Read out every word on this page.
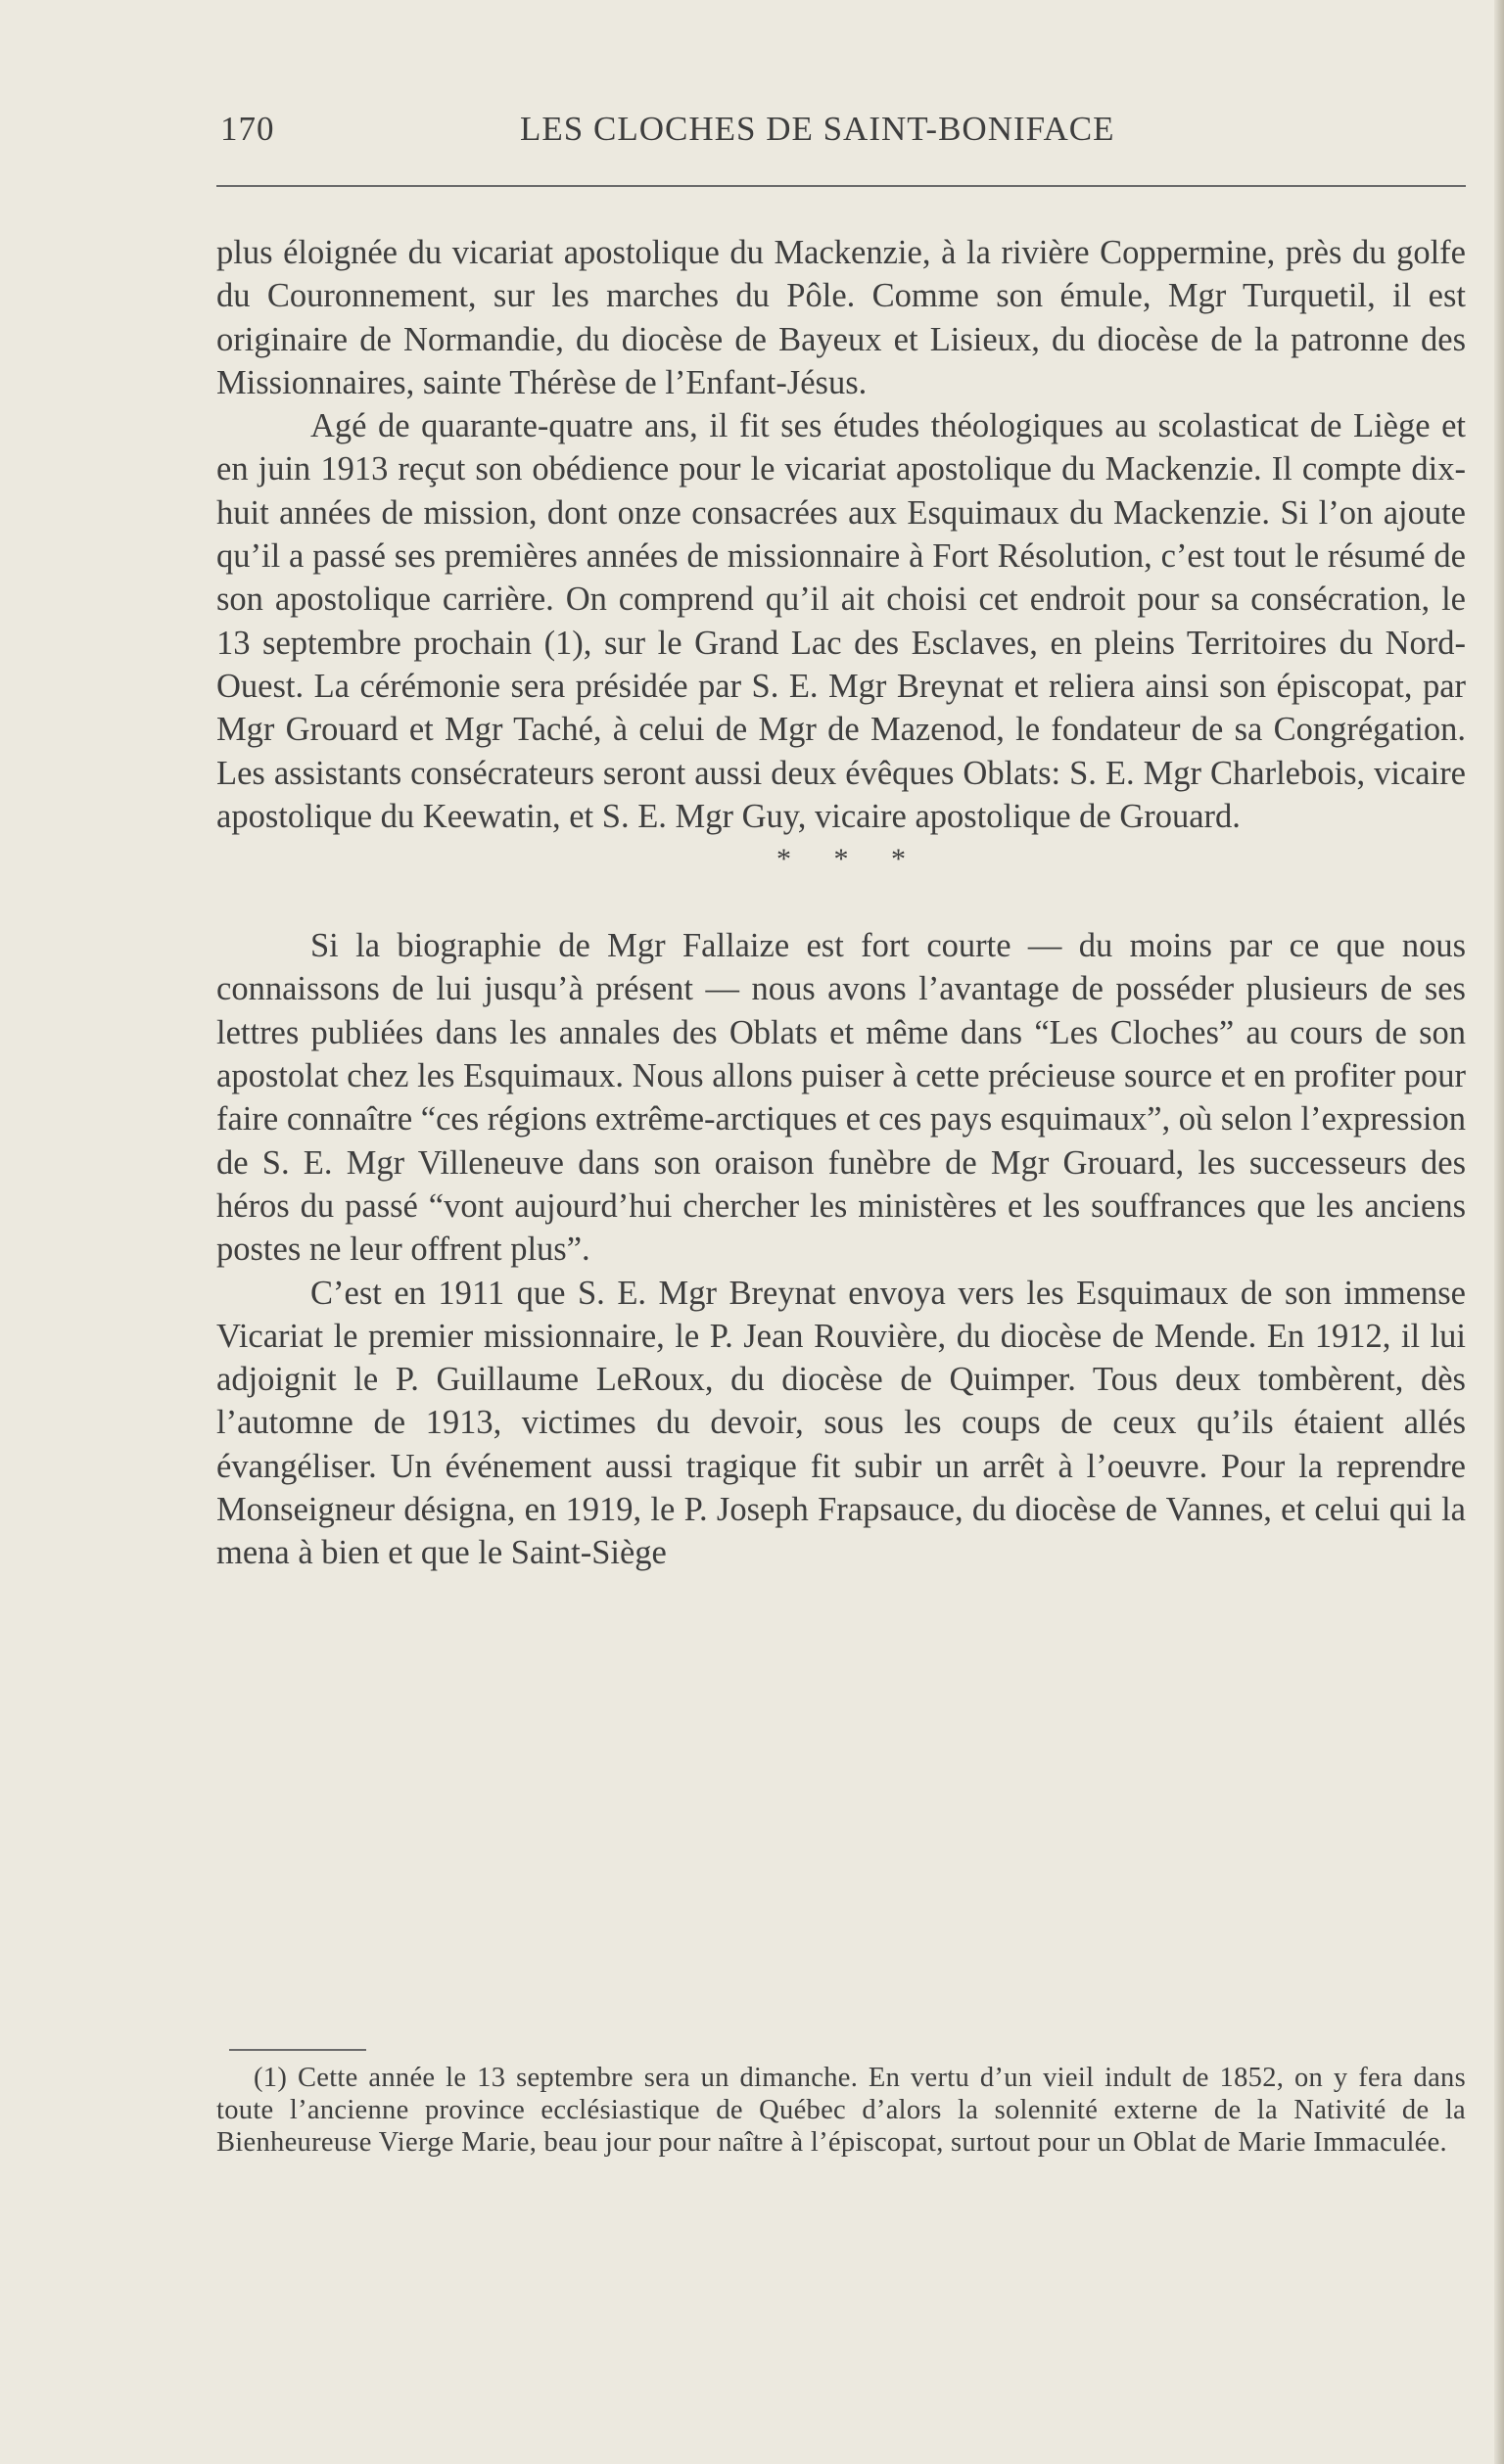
170	LES CLOCHES DE SAINT-BONIFACE

plus éloignée du vicariat apostolique du Mackenzie, à la rivière Coppermine, près du golfe du Couronnement, sur les marches du Pôle. Comme son émule, Mgr Turquetil, il est originaire de Normandie, du diocèse de Bayeux et Lisieux, du diocèse de la patronne des Missionnaires, sainte Thérèse de l’Enfant-Jésus.

Agé de quarante-quatre ans, il fit ses études théologiques au scolasticat de Liège et en juin 1913 reçut son obédience pour le vicariat apostolique du Mackenzie. Il compte dix-huit années de mission, dont onze consacrées aux Esquimaux du Mackenzie. Si l’on ajoute qu’il a passé ses premières années de missionnaire à Fort Résolution, c’est tout le résumé de son apostolique carrière. On comprend qu’il ait choisi cet endroit pour sa consécration, le 13 septembre prochain (1), sur le Grand Lac des Esclaves, en pleins Territoires du Nord-Ouest. La cérémonie sera présidée par S. E. Mgr Breynat et reliera ainsi son épiscopat, par Mgr Grouard et Mgr Taché, à celui de Mgr de Mazenod, le fondateur de sa Congrégation. Les assistants consécrateurs seront aussi deux évêques Oblats: S. E. Mgr Charlebois, vicaire apostolique du Keewatin, et S. E. Mgr Guy, vicaire apostolique de Grouard.

* * *

Si la biographie de Mgr Fallaize est fort courte — du moins par ce que nous connaissons de lui jusqu’à présent — nous avons l’avantage de posséder plusieurs de ses lettres publiées dans les annales des Oblats et même dans “Les Cloches” au cours de son apostolat chez les Esquimaux. Nous allons puiser à cette précieuse source et en profiter pour faire connaître “ces régions extrême-arctiques et ces pays esquimaux”, où selon l’expression de S. E. Mgr Villeneuve dans son oraison funèbre de Mgr Grouard, les successeurs des héros du passé “vont aujourd’hui chercher les ministères et les souffrances que les anciens postes ne leur offrent plus”.

C’est en 1911 que S. E. Mgr Breynat envoya vers les Esquimaux de son immense Vicariat le premier missionnaire, le P. Jean Rouvière, du diocèse de Mende. En 1912, il lui adjoignit le P. Guillaume LeRoux, du diocèse de Quimper. Tous deux tombèrent, dès l’automne de 1913, victimes du devoir, sous les coups de ceux qu’ils étaient allés évangéliser. Un événement aussi tragique fit subir un arrêt à l’oeuvre. Pour la reprendre Monseigneur désigna, en 1919, le P. Joseph Frapsauce, du diocèse de Vannes, et celui qui la mena à bien et que le Saint-Siège

(1) Cette année le 13 septembre sera un dimanche. En vertu d’un vieil indult de 1852, on y fera dans toute l’ancienne province ecclésiastique de Québec d’alors la solennité externe de la Nativité de la Bienheureuse Vierge Marie, beau jour pour naître à l’épiscopat, surtout pour un Oblat de Marie Immaculée.
